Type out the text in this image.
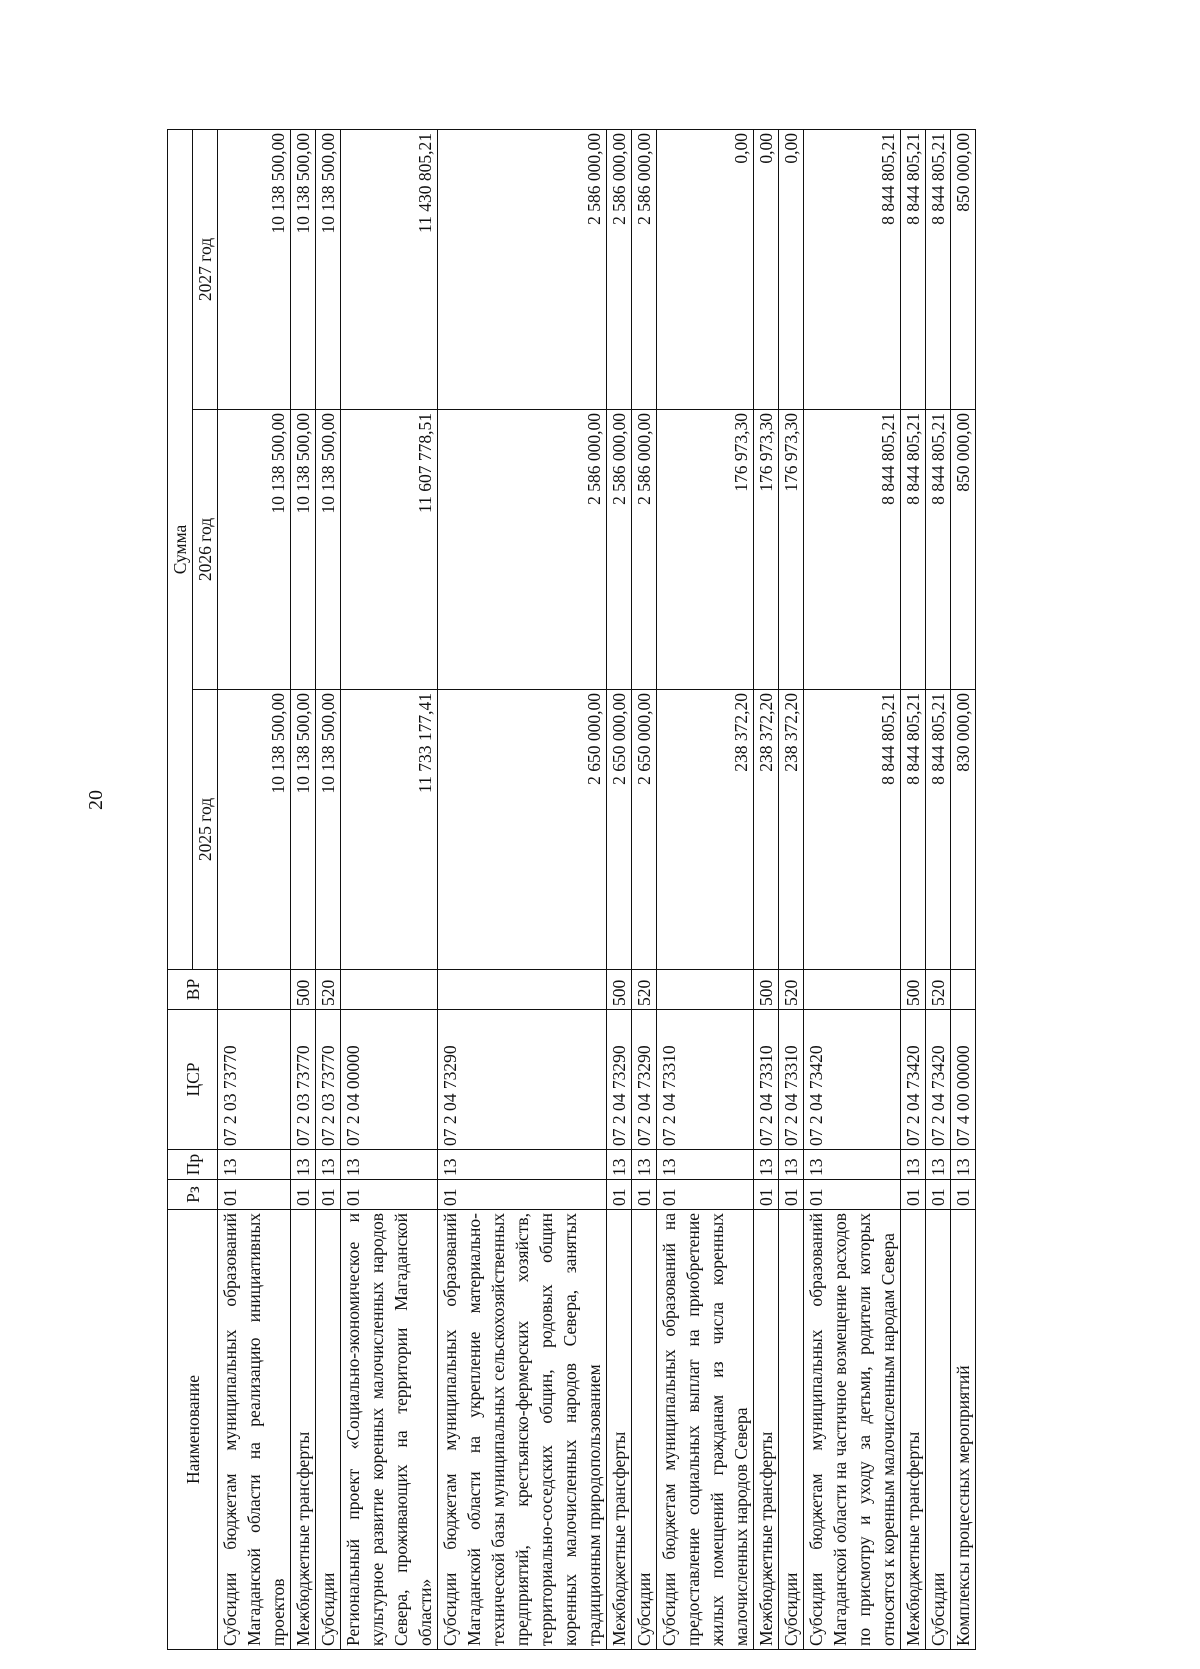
20
Наименование	Рз	Пр	ЦСР	ВР	Сумма		
					2025 год	2026 год	2027 год
Субсидии бюджетам муниципальных образований Магаданской области на реализацию инициативных проектов	01	13	07 2 03 73770		10 138 500,00	10 138 500,00	10 138 500,00
Межбюджетные трансферты	01	13	07 2 03 73770	500	10 138 500,00	10 138 500,00	10 138 500,00
Субсидии	01	13	07 2 03 73770	520	10 138 500,00	10 138 500,00	10 138 500,00
Региональный проект «Социально-экономическое и культурное развитие коренных малочисленных народов Севера, проживающих на территории Магаданской области»	01	13	07 2 04 00000		11 733 177,41	11 607 778,51	11 430 805,21
Субсидии бюджетам муниципальных образований Магаданской области на укрепление материально-технической базы муниципальных сельскохозяйственных предприятий, крестьянско-фермерских хозяйств, территориально-соседских общин, родовых общин коренных малочисленных народов Севера, занятых традиционным природопользованием	01	13	07 2 04 73290		2 650 000,00	2 586 000,00	2 586 000,00
Межбюджетные трансферты	01	13	07 2 04 73290	500	2 650 000,00	2 586 000,00	2 586 000,00
Субсидии	01	13	07 2 04 73290	520	2 650 000,00	2 586 000,00	2 586 000,00
Субсидии бюджетам муниципальных образований на предоставление социальных выплат на приобретение жилых помещений гражданам из числа коренных малочисленных народов Севера	01	13	07 2 04 73310		238 372,20	176 973,30	0,00
Межбюджетные трансферты	01	13	07 2 04 73310	500	238 372,20	176 973,30	0,00
Субсидии	01	13	07 2 04 73310	520	238 372,20	176 973,30	0,00
Субсидии бюджетам муниципальных образований Магаданской области на частичное возмещение расходов по присмотру и уходу за детьми, родители которых относятся к коренным малочисленным народам Севера	01	13	07 2 04 73420		8 844 805,21	8 844 805,21	8 844 805,21
Межбюджетные трансферты	01	13	07 2 04 73420	500	8 844 805,21	8 844 805,21	8 844 805,21
Субсидии	01	13	07 2 04 73420	520	8 844 805,21	8 844 805,21	8 844 805,21
Комплексы процессных мероприятий	01	13	07 4 00 00000		830 000,00	850 000,00	850 000,00
